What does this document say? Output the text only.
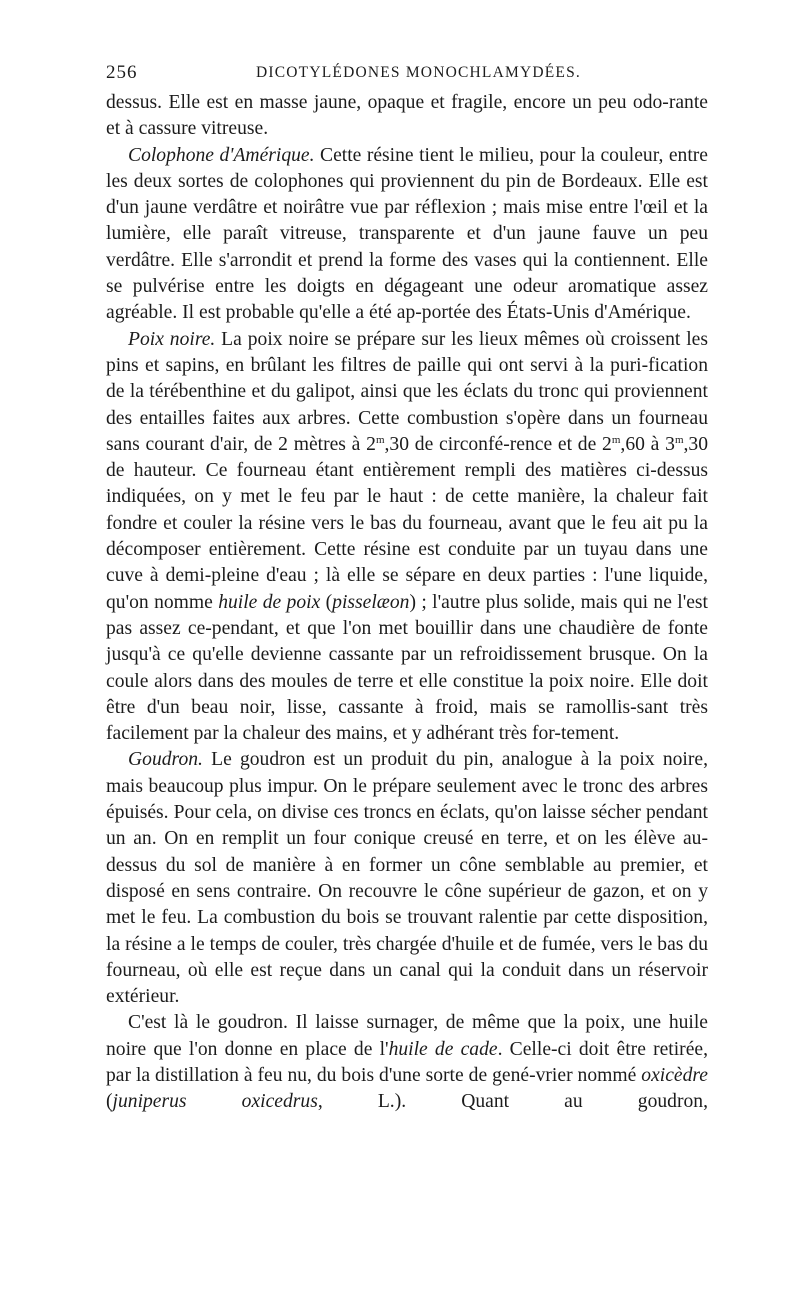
256	DICOTYLÉDONES MONOCHLAMYDÉES.

dessus. Elle est en masse jaune, opaque et fragile, encore un peu odo-rante et à cassure vitreuse.

Colophone d'Amérique. Cette résine tient le milieu, pour la couleur, entre les deux sortes de colophones qui proviennent du pin de Bordeaux. Elle est d'un jaune verdâtre et noirâtre vue par réflexion ; mais mise entre l'œil et la lumière, elle paraît vitreuse, transparente et d'un jaune fauve un peu verdâtre. Elle s'arrondit et prend la forme des vases qui la contiennent. Elle se pulvérise entre les doigts en dégageant une odeur aromatique assez agréable. Il est probable qu'elle a été ap-portée des États-Unis d'Amérique.

Poix noire. La poix noire se prépare sur les lieux mêmes où croissent les pins et sapins, en brûlant les filtres de paille qui ont servi à la puri-fication de la térébenthine et du galipot, ainsi que les éclats du tronc qui proviennent des entailles faites aux arbres. Cette combustion s'opère dans un fourneau sans courant d'air, de 2 mètres à 2$^m$,30 de circonfé-rence et de 2$^m$,60 à 3$^m$,30 de hauteur. Ce fourneau étant entièrement rempli des matières ci-dessus indiquées, on y met le feu par le haut : de cette manière, la chaleur fait fondre et couler la résine vers le bas du fourneau, avant que le feu ait pu la décomposer entièrement. Cette résine est conduite par un tuyau dans une cuve à demi-pleine d'eau ; là elle se sépare en deux parties : l'une liquide, qu'on nomme huile de poix (pisselæon) ; l'autre plus solide, mais qui ne l'est pas assez ce-pendant, et que l'on met bouillir dans une chaudière de fonte jusqu'à ce qu'elle devienne cassante par un refroidissement brusque. On la coule alors dans des moules de terre et elle constitue la poix noire. Elle doit être d'un beau noir, lisse, cassante à froid, mais se ramollis-sant très facilement par la chaleur des mains, et y adhérant très for-tement.

Goudron. Le goudron est un produit du pin, analogue à la poix noire, mais beaucoup plus impur. On le prépare seulement avec le tronc des arbres épuisés. Pour cela, on divise ces troncs en éclats, qu'on laisse sécher pendant un an. On en remplit un four conique creusé en terre, et on les élève au-dessus du sol de manière à en former un cône semblable au premier, et disposé en sens contraire. On recouvre le cône supérieur de gazon, et on y met le feu. La combustion du bois se trouvant ralentie par cette disposition, la résine a le temps de couler, très chargée d'huile et de fumée, vers le bas du fourneau, où elle est reçue dans un canal qui la conduit dans un réservoir extérieur.

C'est là le goudron. Il laisse surnager, de même que la poix, une huile noire que l'on donne en place de l'huile de cade. Celle-ci doit être retirée, par la distillation à feu nu, du bois d'une sorte de gené-vrier nommé oxicèdre (juniperus oxicedrus, L.). Quant au goudron,
